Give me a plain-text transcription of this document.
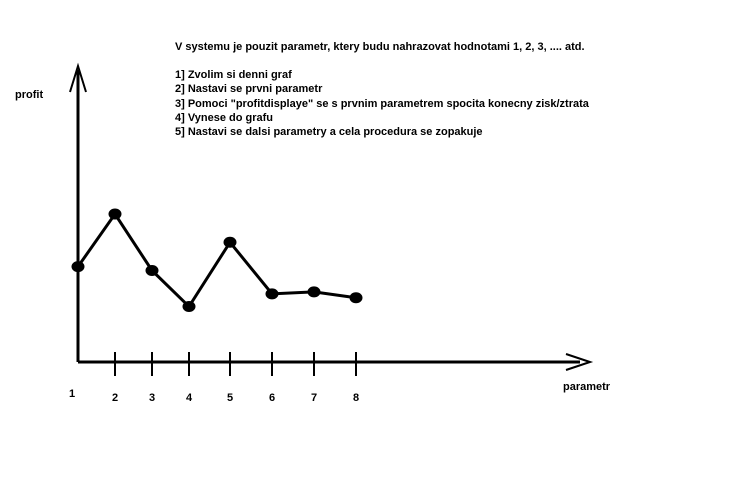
V systemu je pouzit parametr, ktery budu nahrazovat hodnotami 1, 2, 3, .... atd.
1] Zvolim si denni graf
2] Nastavi se prvni parametr
3] Pomoci "profitdisplaye" se s prvnim parametrem spocita konecny zisk/ztrata
4] Vynese do grafu
5] Nastavi se dalsi parametry a cela procedura se zopakuje
profit
parametr
1	2	3	4	5	6	7	8
